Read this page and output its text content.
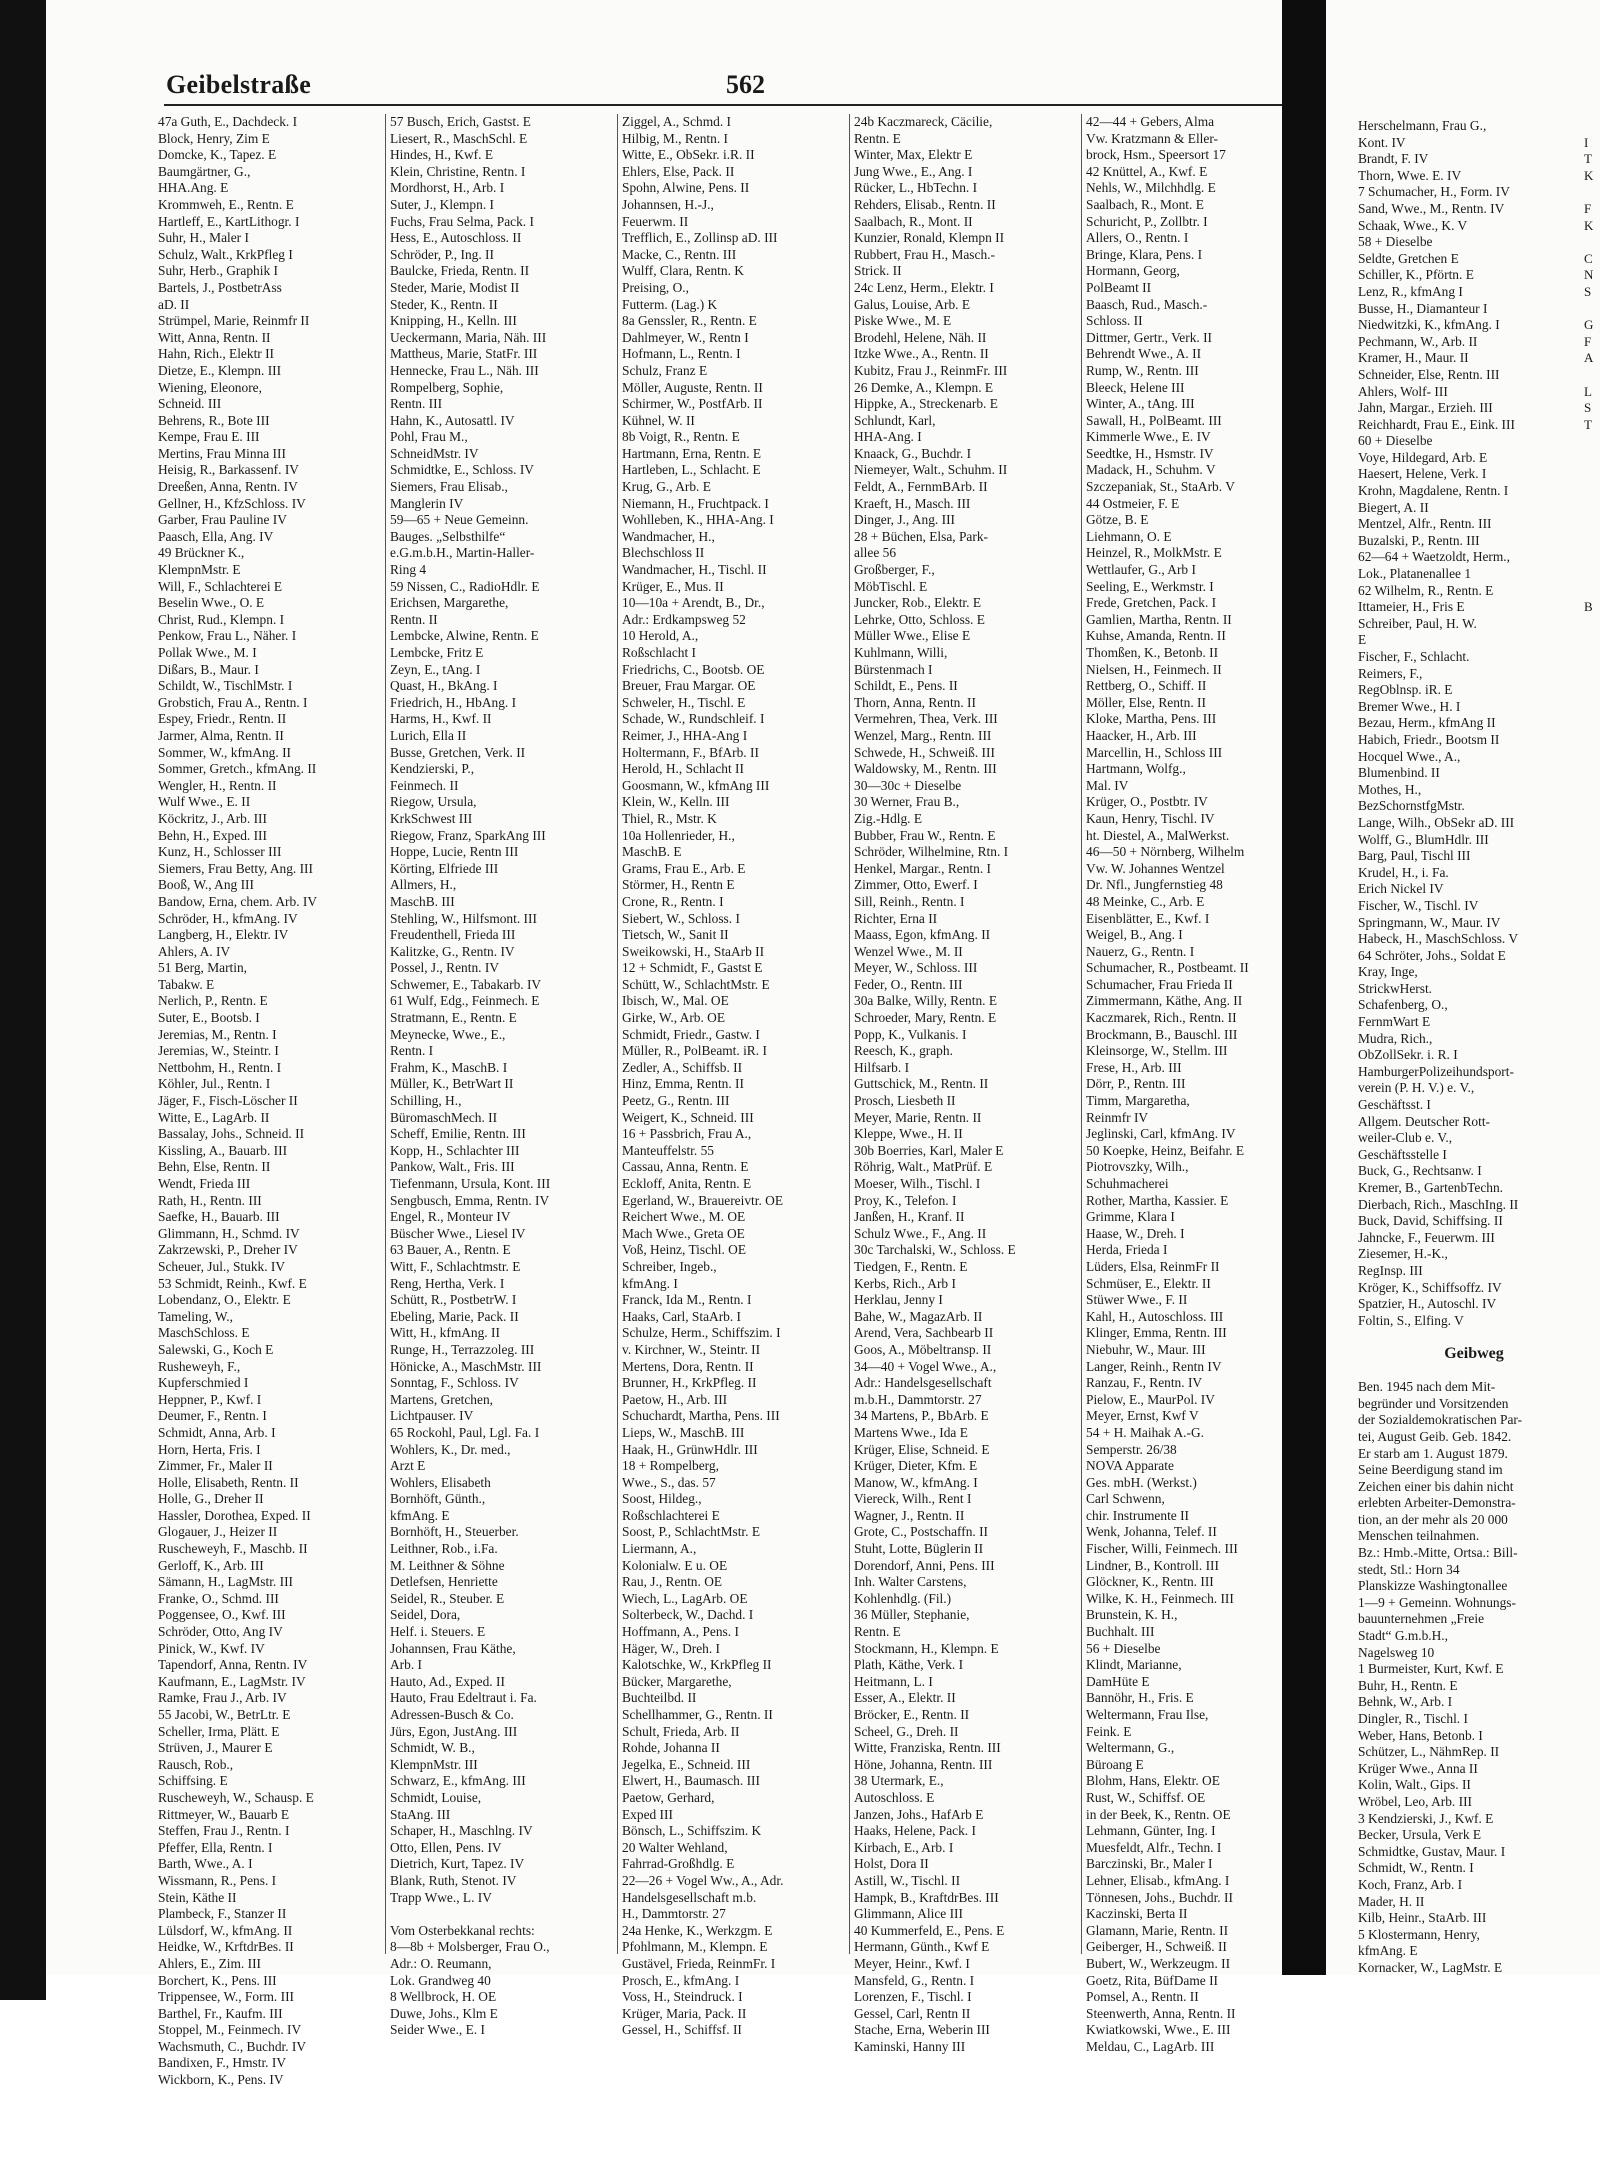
Geibelstraße	562
Herschelmann, Frau G.,
Kont. IV
Brandt, F. IV
Thorn, Wwe. E. IV
7 Schumacher, H., Form. IV
Sand, Wwe., M., Rentn. IV
Schaak, Wwe., K. V
58 + Dieselbe
Seldte, Gretchen E
Schiller, K., Pförtn. E
Lenz, R., kfmAng I
Busse, H., Diamanteur I
Niedwitzki, K., kfmAng. I
Pechmann, W., Arb. II
Kramer, H., Maur. II
Schneider, Else, Rentn. III
Ahlers, Wolf- III
Jahn, Margar., Erzieh. III
Reichhardt, Frau E., Eink. III
60 + Dieselbe
Voye, Hildegard, Arb. E
Haesert, Helene, Verk. I
Krohn, Magdalene, Rentn. I
Biegert, A. II
Mentzel, Alfr., Rentn. III
Buzalski, P., Rentn. III
62—64 + Waetzoldt, Herm.,
Lok., Platanenallee 1
62 Wilhelm, R., Rentn. E
Ittameier, H., Fris E
Schreiber, Paul, H. W.
E
Fischer, F., Schlacht.
Reimers, F.,
RegOblnsp. iR. E
Bremer Wwe., H. I
Bezau, Herm., kfmAng II
Habich, Friedr., Bootsm II
Hocquel Wwe., A.,
Blumenbind. II
Mothes, H.,
BezSchornstfgMstr.
Lange, Wilh., ObSekr aD. III
Wolff, G., BlumHdlr. III
Barg, Paul, Tischl III
Krudel, H., i. Fa.
Erich Nickel IV
Fischer, W., Tischl. IV
Springmann, W., Maur. IV
Habeck, H., MaschSchloss. V
64 Schröter, Johs., Soldat E
Kray, Inge,
StrickwHerst.
Schafenberg, O.,
FernmWart E
Mudra, Rich.,
ObZollSekr. i. R. I
HamburgerPolizeihundsport-
verein (P. H. V.) e. V.,
Geschäftsst. I
Allgem. Deutscher Rott-
weiler-Club e. V.,
Geschäftsstelle I
Buck, G., Rechtsanw. I
Kremer, B., GartenbTechn.
Dierbach, Rich., MaschIng. II
Buck, David, Schiffsing. II
Jahncke, F., Feuerwm. III
Ziesemer, H.-K.,
RegInsp. III
Kröger, K., Schiffsoffz. IV
Spatzier, H., Autoschl. IV
Foltin, S., Elfing. V

Geibweg

Ben. 1945 nach dem Mit-
begründer und Vorsitzenden
der Sozialdemokratischen Par-
tei, August Geib. Geb. 1842.
Er starb am 1. August 1879.
Seine Beerdigung stand im
Zeichen einer bis dahin nicht
erlebten Arbeiter-Demonstra-
tion, an der mehr als 20 000
Menschen teilnahmen.
Bz.: Hmb.-Mitte, Ortsa.: Bill-
stedt, Stl.: Horn 34
Planskizze Washingtonallee
1—9 + Gemeinn. Wohnungs-
bauunternehmen „Freie
Stadt“ G.m.b.H.,
Nagelsweg 10
1 Burmeister, Kurt, Kwf. E
Buhr, H., Rentn. E
Behnk, W., Arb. I
Dingler, R., Tischl. I
Weber, Hans, Betonb. I
Schützer, L., NähmRep. II
Krüger Wwe., Anna II
Kolin, Walt., Gips. II
Wröbel, Leo, Arb. III
3 Kendzierski, J., Kwf. E
Becker, Ursula, Verk E
Schmidtke, Gustav, Maur. I
Schmidt, W., Rentn. I
Koch, Franz, Arb. I
Mader, H. II
Kilb, Heinr., StaArb. III
5 Klostermann, Henry,
kfmAng. E
Kornacker, W., LagMstr. E

I
T
K

F
K

C
N
S

G
F
A

L
S
T

B

47a Guth, E., Dachdeck. I
Block, Henry, Zim E
Domcke, K., Tapez. E
Baumgärtner, G.,
HHA.Ang. E
Krommweh, E., Rentn. E
Hartleff, E., KartLithogr. I
Suhr, H., Maler I
Schulz, Walt., KrkPfleg I
Suhr, Herb., Graphik I
Bartels, J., PostbetrAss
aD. II
Strümpel, Marie, Reinmfr II
Witt, Anna, Rentn. II
Hahn, Rich., Elektr II
Dietze, E., Klempn. III
Wiening, Eleonore,
Schneid. III
Behrens, R., Bote III
Kempe, Frau E. III
Mertins, Frau Minna III
Heisig, R., Barkassenf. IV
Dreeßen, Anna, Rentn. IV
Gellner, H., KfzSchloss. IV
Garber, Frau Pauline IV
Paasch, Ella, Ang. IV
49 Brückner K.,
KlempnMstr. E
Will, F., Schlachterei E
Beselin Wwe., O. E
Christ, Rud., Klempn. I
Penkow, Frau L., Näher. I
Pollak Wwe., M. I
Dißars, B., Maur. I
Schildt, W., TischlMstr. I
Grobstich, Frau A., Rentn. I
Espey, Friedr., Rentn. II
Jarmer, Alma, Rentn. II
Sommer, W., kfmAng. II
Sommer, Gretch., kfmAng. II
Wengler, H., Rentn. II
Wulf Wwe., E. II
Köckritz, J., Arb. III
Behn, H., Exped. III
Kunz, H., Schlosser III
Siemers, Frau Betty, Ang. III
Booß, W., Ang III
Bandow, Erna, chem. Arb. IV
Schröder, H., kfmAng. IV
Langberg, H., Elektr. IV
Ahlers, A. IV
51 Berg, Martin,
Tabakw. E
Nerlich, P., Rentn. E
Suter, E., Bootsb. I
Jeremias, M., Rentn. I
Jeremias, W., Steintr. I
Nettbohm, H., Rentn. I
Köhler, Jul., Rentn. I
Jäger, F., Fisch-Löscher II
Witte, E., LagArb. II
Bassalay, Johs., Schneid. II
Kissling, A., Bauarb. III
Behn, Else, Rentn. II
Wendt, Frieda III
Rath, H., Rentn. III
Saefke, H., Bauarb. III
Glimmann, H., Schmd. IV
Zakrzewski, P., Dreher IV
Scheuer, Jul., Stukk. IV
53 Schmidt, Reinh., Kwf. E
Lobendanz, O., Elektr. E
Tameling, W.,
MaschSchloss. E
Salewski, G., Koch E
Rusheweyh, F.,
Kupferschmied I
Heppner, P., Kwf. I
Deumer, F., Rentn. I
Schmidt, Anna, Arb. I
Horn, Herta, Fris. I
Zimmer, Fr., Maler II
Holle, Elisabeth, Rentn. II
Holle, G., Dreher II
Hassler, Dorothea, Exped. II
Glogauer, J., Heizer II
Ruscheweyh, F., Maschb. II
Gerloff, K., Arb. III
Sämann, H., LagMstr. III
Franke, O., Schmd. III
Poggensee, O., Kwf. III
Schröder, Otto, Ang IV
Pinick, W., Kwf. IV
Tapendorf, Anna, Rentn. IV
Kaufmann, E., LagMstr. IV
Ramke, Frau J., Arb. IV
55 Jacobi, W., BetrLtr. E
Scheller, Irma, Plätt. E
Strüven, J., Maurer E
Rausch, Rob.,
Schiffsing. E
Ruscheweyh, W., Schausp. E
Rittmeyer, W., Bauarb E
Steffen, Frau J., Rentn. I
Pfeffer, Ella, Rentn. I
Barth, Wwe., A. I
Wissmann, R., Pens. I
Stein, Käthe II
Plambeck, F., Stanzer II
Lülsdorf, W., kfmAng. II
Heidke, W., KrftdrBes. II
Ahlers, E., Zim. III
Borchert, K., Pens. III
Trippensee, W., Form. III
Barthel, Fr., Kaufm. III
Stoppel, M., Feinmech. IV
Wachsmuth, C., Buchdr. IV
Bandixen, F., Hmstr. IV
Wickborn, K., Pens. IV
57 Busch, Erich, Gastst. E
Liesert, R., MaschSchl. E
Hindes, H., Kwf. E
Klein, Christine, Rentn. I
Mordhorst, H., Arb. I
Suter, J., Klempn. I
Fuchs, Frau Selma, Pack. I
Hess, E., Autoschloss. II
Schröder, P., Ing. II
Baulcke, Frieda, Rentn. II
Steder, Marie, Modist II
Steder, K., Rentn. II
Knipping, H., Kelln. III
Ueckermann, Maria, Näh. III
Mattheus, Marie, StatFr. III
Hennecke, Frau L., Näh. III
Rompelberg, Sophie,
Rentn. III
Hahn, K., Autosattl. IV
Pohl, Frau M.,
SchneidMstr. IV
Schmidtke, E., Schloss. IV
Siemers, Frau Elisab.,
Manglerin IV
59—65 + Neue Gemeinn.
Bauges. „Selbsthilfe“
e.G.m.b.H., Martin-Haller-
Ring 4
59 Nissen, C., RadioHdlr. E
Erichsen, Margarethe,
Rentn. II
Lembcke, Alwine, Rentn. E
Lembcke, Fritz E
Zeyn, E., tAng. I
Quast, H., BkAng. I
Friedrich, H., HbAng. I
Harms, H., Kwf. II
Lurich, Ella II
Busse, Gretchen, Verk. II
Kendzierski, P.,
Feinmech. II
Riegow, Ursula,
KrkSchwest III
Riegow, Franz, SparkAng III
Hoppe, Lucie, Rentn III
Körting, Elfriede III
Allmers, H.,
MaschB. III
Stehling, W., Hilfsmont. III
Freudenthell, Frieda III
Kalitzke, G., Rentn. IV
Possel, J., Rentn. IV
Schwemer, E., Tabakarb. IV
61 Wulf, Edg., Feinmech. E
Stratmann, E., Rentn. E
Meynecke, Wwe., E.,
Rentn. I
Frahm, K., MaschB. I
Müller, K., BetrWart II
Schilling, H.,
BüromaschMech. II
Scheff, Emilie, Rentn. III
Kopp, H., Schlachter III
Pankow, Walt., Fris. III
Tiefenmann, Ursula, Kont. III
Sengbusch, Emma, Rentn. IV
Engel, R., Monteur IV
Büscher Wwe., Liesel IV
63 Bauer, A., Rentn. E
Witt, F., Schlachtmstr. E
Reng, Hertha, Verk. I
Schütt, R., PostbetrW. I
Ebeling, Marie, Pack. II
Witt, H., kfmAng. II
Runge, H., Terrazzoleg. III
Hönicke, A., MaschMstr. III
Sonntag, F., Schloss. IV
Martens, Gretchen,
Lichtpauser. IV
65 Rockohl, Paul, Lgl. Fa. I
Wohlers, K., Dr. med.,
Arzt E
Wohlers, Elisabeth
Bornhöft, Günth.,
kfmAng. E
Bornhöft, H., Steuerber.
Leithner, Rob., i.Fa.
M. Leithner & Söhne
Detlefsen, Henriette
Seidel, R., Steuber. E
Seidel, Dora,
Helf. i. Steuers. E
Johannsen, Frau Käthe,
Arb. I
Hauto, Ad., Exped. II
Hauto, Frau Edeltraut i. Fa.
Adressen-Busch & Co.
Jürs, Egon, JustAng. III
Schmidt, W. B.,
KlempnMstr. III
Schwarz, E., kfmAng. III
Schmidt, Louise,
StaAng. III
Schaper, H., Maschlng. IV
Otto, Ellen, Pens. IV
Dietrich, Kurt, Tapez. IV
Blank, Ruth, Stenot. IV
Trapp Wwe., L. IV

Vom Osterbekkanal rechts:
8—8b + Molsberger, Frau O.,
Adr.: O. Reumann,
Lok. Grandweg 40
8 Wellbrock, H. OE
Duwe, Johs., Klm E
Seider Wwe., E. I
Ziggel, A., Schmd. I
Hilbig, M., Rentn. I
Witte, E., ObSekr. i.R. II
Ehlers, Else, Pack. II
Spohn, Alwine, Pens. II
Johannsen, H.-J.,
Feuerwm. II
Trefflich, E., Zollinsp aD. III
Macke, C., Rentn. III
Wulff, Clara, Rentn. K
Preising, O.,
Futterm. (Lag.) K
8a Genssler, R., Rentn. E
Dahlmeyer, W., Rentn I
Hofmann, L., Rentn. I
Schulz, Franz E
Möller, Auguste, Rentn. II
Schirmer, W., PostfArb. II
Kühnel, W. II
8b Voigt, R., Rentn. E
Hartmann, Erna, Rentn. E
Hartleben, L., Schlacht. E
Krug, G., Arb. E
Niemann, H., Fruchtpack. I
Wohlleben, K., HHA-Ang. I
Wandmacher, H.,
Blechschloss II
Wandmacher, H., Tischl. II
Krüger, E., Mus. II
10—10a + Arendt, B., Dr.,
Adr.: Erdkampsweg 52
10 Herold, A.,
Roßschlacht I
Friedrichs, C., Bootsb. OE
Breuer, Frau Margar. OE
Schweler, H., Tischl. E
Schade, W., Rundschleif. I
Reimer, J., HHA-Ang I
Holtermann, F., BfArb. II
Herold, H., Schlacht II
Goosmann, W., kfmAng III
Klein, W., Kelln. III
Thiel, R., Mstr. K
10a Hollenrieder, H.,
MaschB. E
Grams, Frau E., Arb. E
Störmer, H., Rentn E
Crone, R., Rentn. I
Siebert, W., Schloss. I
Tietsch, W., Sanit II
Sweikowski, H., StaArb II
12 + Schmidt, F., Gastst E
Schütt, W., SchlachtMstr. E
Ibisch, W., Mal. OE
Girke, W., Arb. OE
Schmidt, Friedr., Gastw. I
Müller, R., PolBeamt. iR. I
Zedler, A., Schiffsb. II
Hinz, Emma, Rentn. II
Peetz, G., Rentn. III
Weigert, K., Schneid. III
16 + Passbrich, Frau A.,
Manteuffelstr. 55
Cassau, Anna, Rentn. E
Eckloff, Anita, Rentn. E
Egerland, W., Brauereivtr. OE
Reichert Wwe., M. OE
Mach Wwe., Greta OE
Voß, Heinz, Tischl. OE
Schreiber, Ingeb.,
kfmAng. I
Franck, Ida M., Rentn. I
Haaks, Carl, StaArb. I
Schulze, Herm., Schiffszim. I
v. Kirchner, W., Steintr. II
Mertens, Dora, Rentn. II
Brunner, H., KrkPfleg. II
Paetow, H., Arb. III
Schuchardt, Martha, Pens. III
Lieps, W., MaschB. III
Haak, H., GrünwHdlr. III
18 + Rompelberg,
Wwe., S., das. 57
Soost, Hildeg.,
Roßschlachterei E
Soost, P., SchlachtMstr. E
Liermann, A.,
Kolonialw. E u. OE
Rau, J., Rentn. OE
Wiech, L., LagArb. OE
Solterbeck, W., Dachd. I
Hoffmann, A., Pens. I
Häger, W., Dreh. I
Kalotschke, W., KrkPfleg II
Bücker, Margarethe,
Buchteilbd. II
Schellhammer, G., Rentn. II
Schult, Frieda, Arb. II
Rohde, Johanna II
Jegelka, E., Schneid. III
Elwert, H., Baumasch. III
Paetow, Gerhard,
Exped III
Bönsch, L., Schiffszim. K
20 Walter Wehland,
Fahrrad-Großhdlg. E
22—26 + Vogel Ww., A., Adr.
Handelsgesellschaft m.b.
H., Dammtorstr. 27
24a Henke, K., Werkzgm. E
Pfohlmann, M., Klempn. E
Gustävel, Frieda, ReinmFr. I
Prosch, E., kfmAng. I
Voss, H., Steindruck. I
Krüger, Maria, Pack. II
Gessel, H., Schiffsf. II
24b Kaczmareck, Cäcilie,
Rentn. E
Winter, Max, Elektr E
Jung Wwe., E., Ang. I
Rücker, L., HbTechn. I
Rehders, Elisab., Rentn. II
Saalbach, R., Mont. II
Kunzier, Ronald, Klempn II
Rubbert, Frau H., Masch.-
Strick. II
24c Lenz, Herm., Elektr. I
Galus, Louise, Arb. E
Piske Wwe., M. E
Brodehl, Helene, Näh. II
Itzke Wwe., A., Rentn. II
Kubitz, Frau J., ReinmFr. III
26 Demke, A., Klempn. E
Hippke, A., Streckenarb. E
Schlundt, Karl,
HHA-Ang. I
Knaack, G., Buchdr. I
Niemeyer, Walt., Schuhm. II
Feldt, A., FernmBArb. II
Kraeft, H., Masch. III
Dinger, J., Ang. III
28 + Büchen, Elsa, Park-
allee 56
Großberger, F.,
MöbTischl. E
Juncker, Rob., Elektr. E
Lehrke, Otto, Schloss. E
Müller Wwe., Elise E
Kuhlmann, Willi,
Bürstenmach I
Schildt, E., Pens. II
Thorn, Anna, Rentn. II
Vermehren, Thea, Verk. III
Wenzel, Marg., Rentn. III
Schwede, H., Schweiß. III
Waldowsky, M., Rentn. III
30—30c + Dieselbe
30 Werner, Frau B.,
Zig.-Hdlg. E
Bubber, Frau W., Rentn. E
Schröder, Wilhelmine, Rtn. I
Henkel, Margar., Rentn. I
Zimmer, Otto, Ewerf. I
Sill, Reinh., Rentn. I
Richter, Erna II
Maass, Egon, kfmAng. II
Wenzel Wwe., M. II
Meyer, W., Schloss. III
Feder, O., Rentn. III
30a Balke, Willy, Rentn. E
Schroeder, Mary, Rentn. E
Popp, K., Vulkanis. I
Reesch, K., graph.
Hilfsarb. I
Guttschick, M., Rentn. II
Prosch, Liesbeth II
Meyer, Marie, Rentn. II
Kleppe, Wwe., H. II
30b Boerries, Karl, Maler E
Röhrig, Walt., MatPrüf. E
Moeser, Wilh., Tischl. I
Proy, K., Telefon. I
Janßen, H., Kranf. II
Schulz Wwe., F., Ang. II
30c Tarchalski, W., Schloss. E
Tiedgen, F., Rentn. E
Kerbs, Rich., Arb I
Herklau, Jenny I
Bahe, W., MagazArb. II
Arend, Vera, Sachbearb II
Goos, A., Möbeltransp. II
34—40 + Vogel Wwe., A.,
Adr.: Handelsgesellschaft
m.b.H., Dammtorstr. 27
34 Martens, P., BbArb. E
Martens Wwe., Ida E
Krüger, Elise, Schneid. E
Krüger, Dieter, Kfm. E
Manow, W., kfmAng. I
Viereck, Wilh., Rent I
Wagner, J., Rentn. II
Grote, C., Postschaffn. II
Stuht, Lotte, Büglerin II
Dorendorf, Anni, Pens. III
Inh. Walter Carstens,
Kohlenhdlg. (Fil.)
36 Müller, Stephanie,
Rentn. E
Stockmann, H., Klempn. E
Plath, Käthe, Verk. I
Heitmann, L. I
Esser, A., Elektr. II
Bröcker, E., Rentn. II
Scheel, G., Dreh. II
Witte, Franziska, Rentn. III
Höne, Johanna, Rentn. III
38 Utermark, E.,
Autoschloss. E
Janzen, Johs., HafArb E
Haaks, Helene, Pack. I
Kirbach, E., Arb. I
Holst, Dora II
Astill, W., Tischl. II
Hampk, B., KraftdrBes. III
Glimmann, Alice III
40 Kummerfeld, E., Pens. E
Hermann, Günth., Kwf E
Meyer, Heinr., Kwf. I
Mansfeld, G., Rentn. I
Lorenzen, F., Tischl. I
Gessel, Carl, Rentn II
Stache, Erna, Weberin III
Kaminski, Hanny III
42—44 + Gebers, Alma
Vw. Kratzmann & Eller-
brock, Hsm., Speersort 17
42 Knüttel, A., Kwf. E
Nehls, W., Milchhdlg. E
Saalbach, R., Mont. E
Schuricht, P., Zollbtr. I
Allers, O., Rentn. I
Bringe, Klara, Pens. I
Hormann, Georg,
PolBeamt II
Baasch, Rud., Masch.-
Schloss. II
Dittmer, Gertr., Verk. II
Behrendt Wwe., A. II
Rump, W., Rentn. III
Bleeck, Helene III
Winter, A., tAng. III
Sawall, H., PolBeamt. III
Kimmerle Wwe., E. IV
Seedtke, H., Hsmstr. IV
Madack, H., Schuhm. V
Szczepaniak, St., StaArb. V
44 Ostmeier, F. E
Götze, B. E
Liehmann, O. E
Heinzel, R., MolkMstr. E
Wettlaufer, G., Arb I
Seeling, E., Werkmstr. I
Frede, Gretchen, Pack. I
Gamlien, Martha, Rentn. II
Kuhse, Amanda, Rentn. II
Thomßen, K., Betonb. II
Nielsen, H., Feinmech. II
Rettberg, O., Schiff. II
Möller, Else, Rentn. II
Kloke, Martha, Pens. III
Haacker, H., Arb. III
Marcellin, H., Schloss III
Hartmann, Wolfg.,
Mal. IV
Krüger, O., Postbtr. IV
Kaun, Henry, Tischl. IV
ht. Diestel, A., MalWerkst.
46—50 + Nörnberg, Wilhelm
Vw. W. Johannes Wentzel
Dr. Nfl., Jungfernstieg 48
48 Meinke, C., Arb. E
Eisenblätter, E., Kwf. I
Weigel, B., Ang. I
Nauerz, G., Rentn. I
Schumacher, R., Postbeamt. II
Schumacher, Frau Frieda II
Zimmermann, Käthe, Ang. II
Kaczmarek, Rich., Rentn. II
Brockmann, B., Bauschl. III
Kleinsorge, W., Stellm. III
Frese, H., Arb. III
Dörr, P., Rentn. III
Timm, Margaretha,
Reinmfr IV
Jeglinski, Carl, kfmAng. IV
50 Koepke, Heinz, Beifahr. E
Piotrovszky, Wilh.,
Schuhmacherei
Rother, Martha, Kassier. E
Grimme, Klara I
Haase, W., Dreh. I
Herda, Frieda I
Lüders, Elsa, ReinmFr II
Schmüser, E., Elektr. II
Stüwer Wwe., F. II
Kahl, H., Autoschloss. III
Klinger, Emma, Rentn. III
Niebuhr, W., Maur. III
Langer, Reinh., Rentn IV
Ranzau, F., Rentn. IV
Pielow, E., MaurPol. IV
Meyer, Ernst, Kwf V
54 + H. Maihak A.-G.
Semperstr. 26/38
NOVA Apparate
Ges. mbH. (Werkst.)
Carl Schwenn,
chir. Instrumente II
Wenk, Johanna, Telef. II
Fischer, Willi, Feinmech. III
Lindner, B., Kontroll. III
Glöckner, K., Rentn. III
Wilke, K. H., Feinmech. III
Brunstein, K. H.,
Buchhalt. III
56 + Dieselbe
Klindt, Marianne,
DamHüte E
Bannöhr, H., Fris. E
Weltermann, Frau Ilse,
Feink. E
Weltermann, G.,
Büroang E
Blohm, Hans, Elektr. OE
Rust, W., Schiffsf. OE
in der Beek, K., Rentn. OE
Lehmann, Günter, Ing. I
Muesfeldt, Alfr., Techn. I
Barczinski, Br., Maler I
Lehner, Elisab., kfmAng. I
Tönnesen, Johs., Buchdr. II
Kaczinski, Berta II
Glamann, Marie, Rentn. II
Geiberger, H., Schweiß. II
Bubert, W., Werkzeugm. II
Goetz, Rita, BüfDame II
Pomsel, A., Rentn. II
Steenwerth, Anna, Rentn. II
Kwiatkowski, Wwe., E. III
Meldau, C., LagArb. III
